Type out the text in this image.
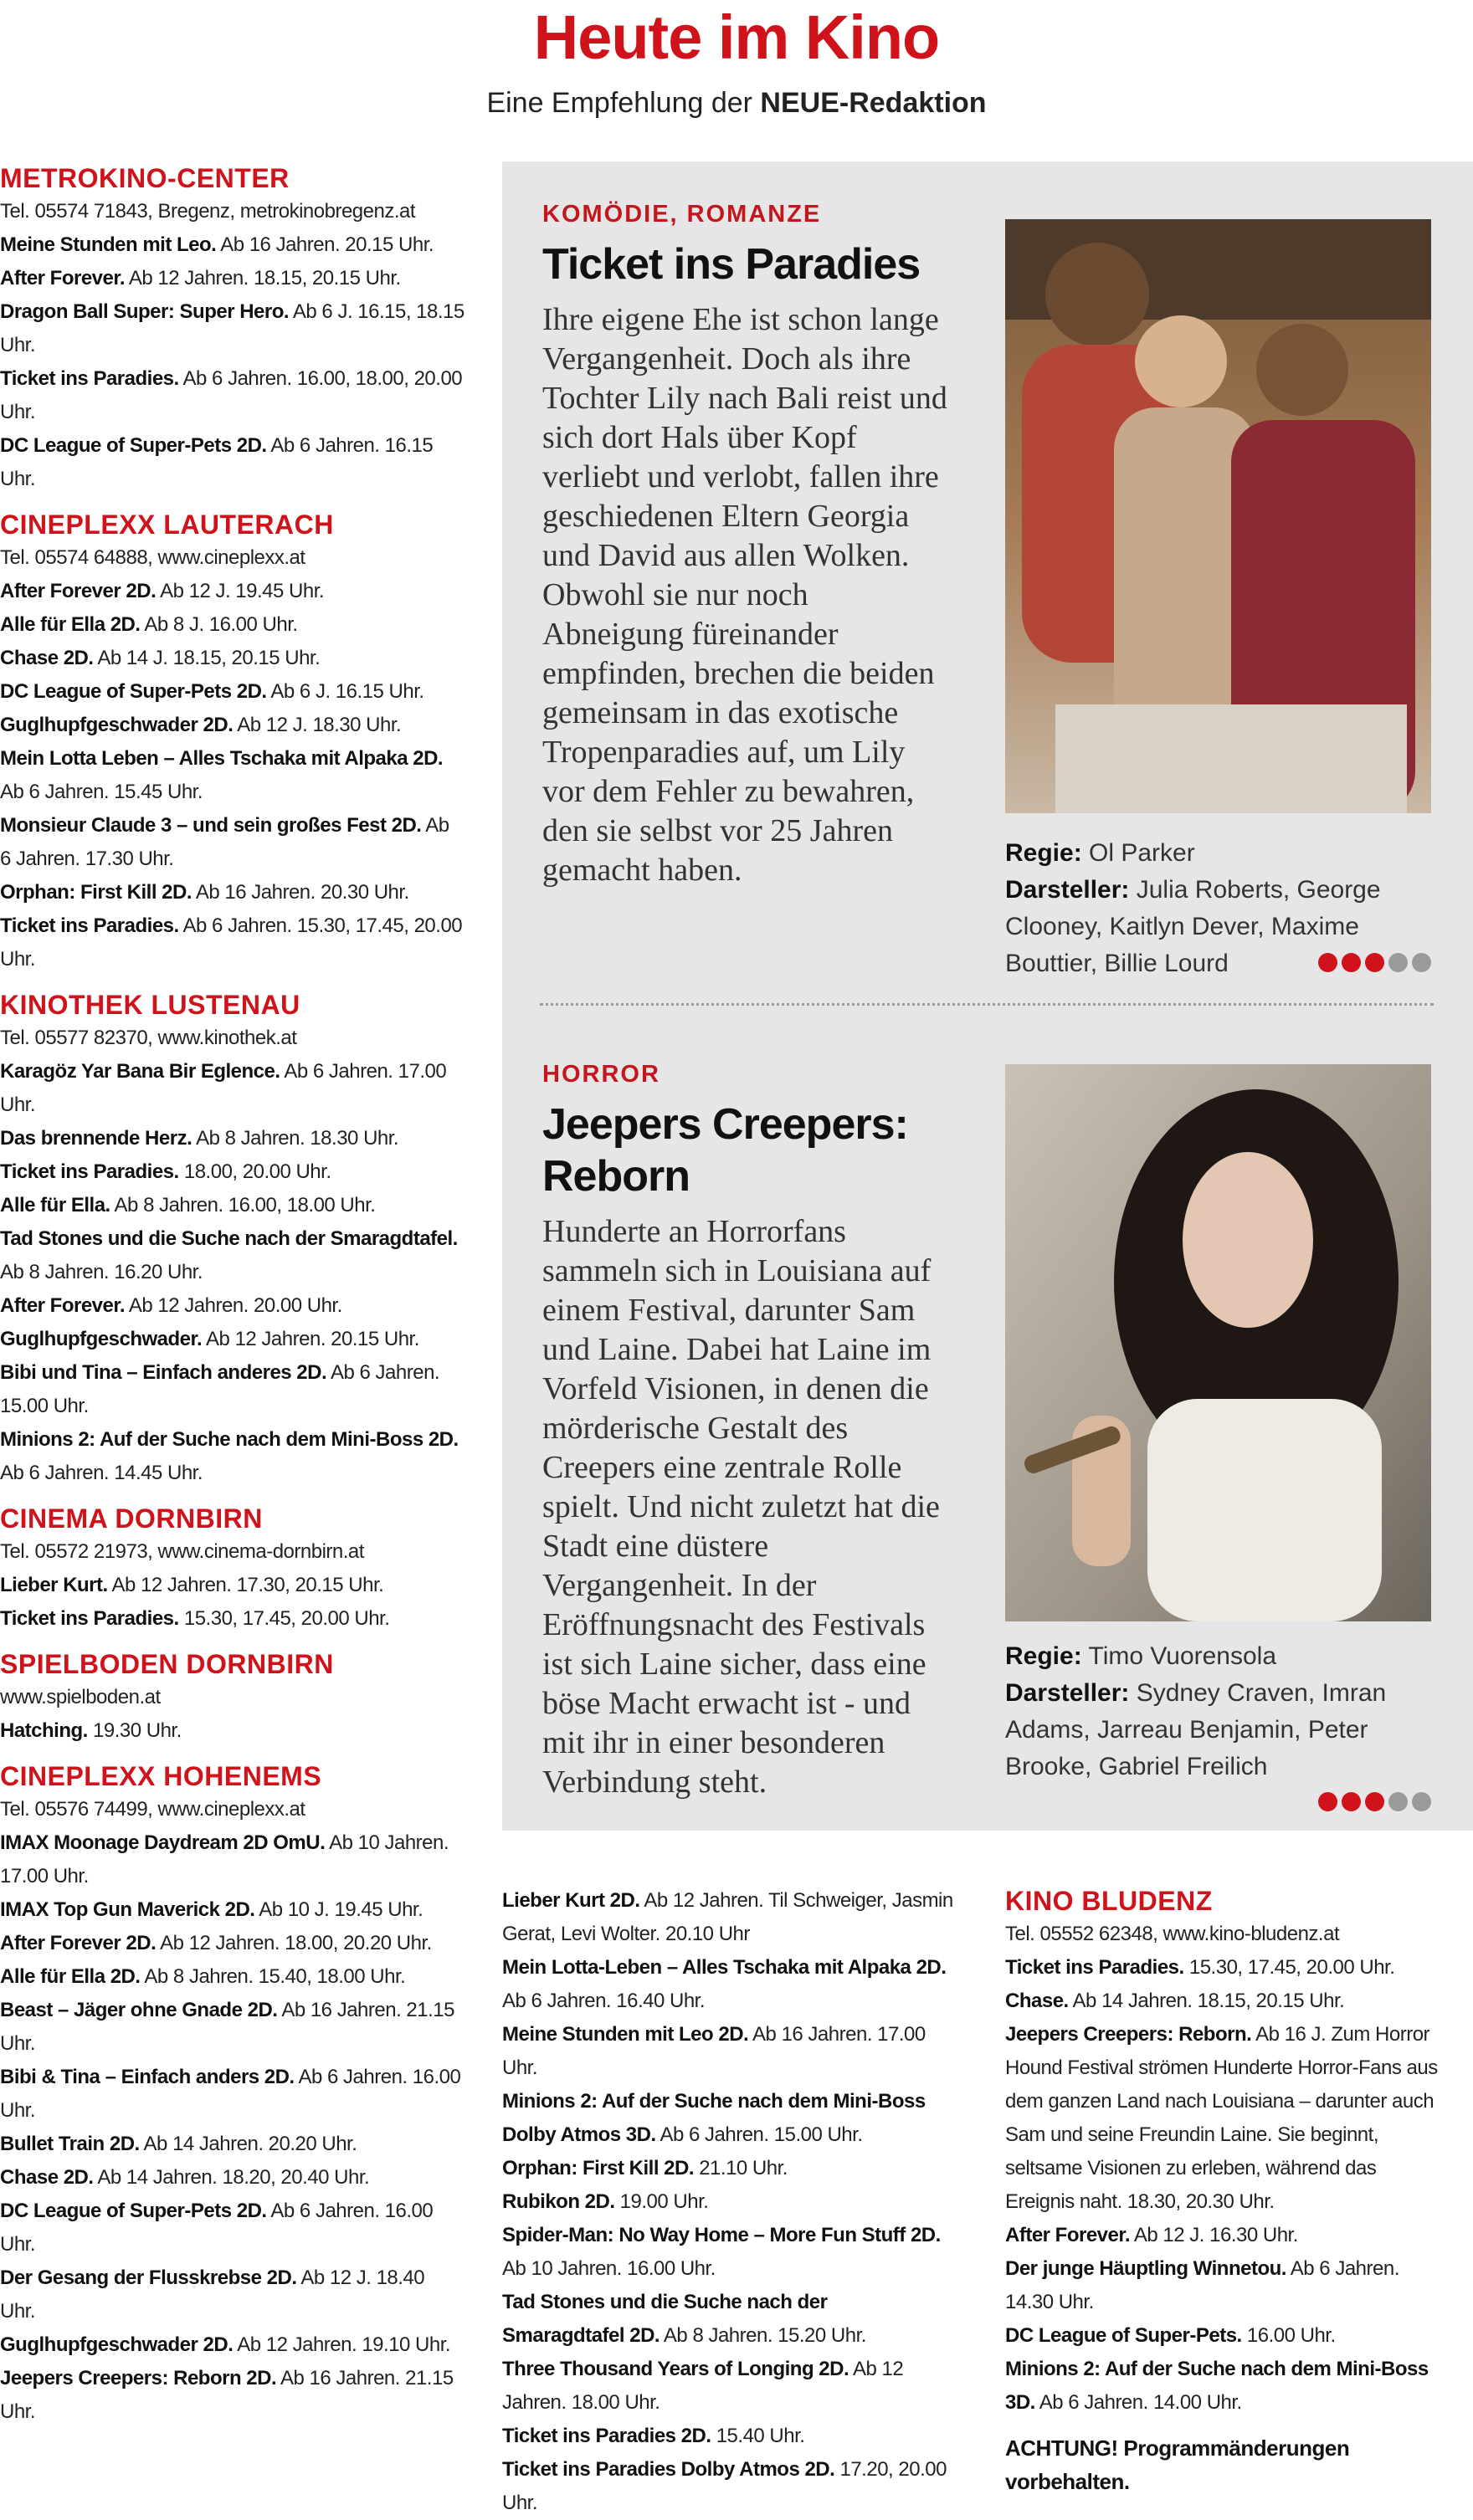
Heute im Kino
Eine Empfehlung der NEUE-Redaktion
METROKINO-CENTER

Tel. 05574 71843, Bregenz, metrokinobregenz.at

Meine Stunden mit Leo. Ab 16 Jahren. 20.15 Uhr.

After Forever. Ab 12 Jahren. 18.15, 20.15 Uhr.

Dragon Ball Super: Super Hero. Ab 6 J. 16.15, 18.15 Uhr.

Ticket ins Paradies. Ab 6 Jahren. 16.00, 18.00, 20.00 Uhr.

DC League of Super-Pets 2D. Ab 6 Jahren. 16.15 Uhr.

CINEPLEXX LAUTERACH

Tel. 05574 64888, www.cineplexx.at

After Forever 2D. Ab 12 J. 19.45 Uhr.

Alle für Ella 2D. Ab 8 J. 16.00 Uhr.

Chase 2D. Ab 14 J. 18.15, 20.15 Uhr.

DC League of Super-Pets 2D. Ab 6 J. 16.15 Uhr.

Guglhupfgeschwader 2D. Ab 12 J. 18.30 Uhr.

Mein Lotta Leben – Alles Tschaka mit Alpaka 2D. Ab 6 Jahren. 15.45 Uhr.

Monsieur Claude 3 – und sein großes Fest 2D. Ab 6 Jahren. 17.30 Uhr.

Orphan: First Kill 2D. Ab 16 Jahren. 20.30 Uhr.

Ticket ins Paradies. Ab 6 Jahren. 15.30, 17.45, 20.00 Uhr.

KINOTHEK LUSTENAU

Tel. 05577 82370, www.kinothek.at

Karagöz Yar Bana Bir Eglence. Ab 6 Jahren. 17.00 Uhr.

Das brennende Herz. Ab 8 Jahren. 18.30 Uhr.

Ticket ins Paradies. 18.00, 20.00 Uhr.

Alle für Ella. Ab 8 Jahren. 16.00, 18.00 Uhr.

Tad Stones und die Suche nach der Smaragdtafel. Ab 8 Jahren. 16.20 Uhr.

After Forever. Ab 12 Jahren. 20.00 Uhr.

Guglhupfgeschwader. Ab 12 Jahren. 20.15 Uhr.

Bibi und Tina – Einfach anderes 2D. Ab 6 Jahren. 15.00 Uhr.

Minions 2: Auf der Suche nach dem Mini-Boss 2D. Ab 6 Jahren. 14.45 Uhr.

CINEMA DORNBIRN

Tel. 05572 21973, www.cinema-dornbirn.at

Lieber Kurt. Ab 12 Jahren. 17.30, 20.15 Uhr.

Ticket ins Paradies. 15.30, 17.45, 20.00 Uhr.

SPIELBODEN DORNBIRN

www.spielboden.at

Hatching. 19.30 Uhr.

CINEPLEXX HOHENEMS

Tel. 05576 74499, www.cineplexx.at

IMAX Moonage Daydream 2D OmU. Ab 10 Jahren. 17.00 Uhr.

IMAX Top Gun Maverick 2D. Ab 10 J. 19.45 Uhr.

After Forever 2D. Ab 12 Jahren. 18.00, 20.20 Uhr.

Alle für Ella 2D. Ab 8 Jahren. 15.40, 18.00 Uhr.

Beast – Jäger ohne Gnade 2D. Ab 16 Jahren. 21.15 Uhr.

Bibi & Tina – Einfach anders 2D. Ab 6 Jahren. 16.00 Uhr.

Bullet Train 2D. Ab 14 Jahren. 20.20 Uhr.

Chase 2D. Ab 14 Jahren. 18.20, 20.40 Uhr.

DC League of Super-Pets 2D. Ab 6 Jahren. 16.00 Uhr.

Der Gesang der Flusskrebse 2D. Ab 12 J. 18.40 Uhr.

Guglhupfgeschwader 2D. Ab 12 Jahren. 19.10 Uhr.

Jeepers Creepers: Reborn 2D. Ab 16 Jahren. 21.15 Uhr.

KOMÖDIE, ROMANZE
Ticket ins Paradies
Ihre eigene Ehe ist schon lange Vergangenheit. Doch als ihre Tochter Lily nach Bali reist und sich dort Hals über Kopf verliebt und verlobt, fallen ihre geschiedenen Eltern Georgia und David aus allen Wolken. Obwohl sie nur noch Abneigung füreinander empfinden, brechen die beiden gemeinsam in das exotische Tropenparadies auf, um Lily vor dem Fehler zu bewahren, den sie selbst vor 25 Jahren gemacht haben.	Regie: Ol Parker
Darsteller: Julia Roberts, George Clooney, Kaitlyn Dever, Maxime Bouttier, Billie Lourd
HORROR
Jeepers Creepers: Reborn
Hunderte an Horrorfans sammeln sich in Louisiana auf einem Festival, darunter Sam und Laine. Dabei hat Laine im Vorfeld Visionen, in denen die mörderische Gestalt des Creepers eine zentrale Rolle spielt. Und nicht zuletzt hat die Stadt eine düstere Vergangenheit. In der Eröffnungsnacht des Festivals ist sich Laine sicher, dass eine böse Macht erwacht ist - und mit ihr in einer besonderen Verbindung steht.
Regie: Timo Vuorensola
Darsteller: Sydney Craven, Imran Adams, Jarreau Benjamin, Peter Brooke, Gabriel Freilich

Lieber Kurt 2D. Ab 12 Jahren. Til Schweiger, Jasmin Gerat, Levi Wolter. 20.10 Uhr

Mein Lotta-Leben – Alles Tschaka mit Alpaka 2D. Ab 6 Jahren. 16.40 Uhr.

Meine Stunden mit Leo 2D. Ab 16 Jahren. 17.00 Uhr.

Minions 2: Auf der Suche nach dem Mini-Boss Dolby Atmos 3D. Ab 6 Jahren. 15.00 Uhr.

Orphan: First Kill 2D. 21.10 Uhr.

Rubikon 2D. 19.00 Uhr.

Spider-Man: No Way Home – More Fun Stuff 2D. Ab 10 Jahren. 16.00 Uhr.

Tad Stones und die Suche nach der Smaragdtafel 2D. Ab 8 Jahren. 15.20 Uhr.

Three Thousand Years of Longing 2D. Ab 12 Jahren. 18.00 Uhr.

Ticket ins Paradies 2D. 15.40 Uhr.

Ticket ins Paradies Dolby Atmos 2D. 17.20, 20.00 Uhr.

KINO BLUDENZ

Tel. 05552 62348, www.kino-bludenz.at

Ticket ins Paradies. 15.30, 17.45, 20.00 Uhr.

Chase. Ab 14 Jahren. 18.15, 20.15 Uhr.

Jeepers Creepers: Reborn. Ab 16 J. Zum Horror Hound Festival strömen Hunderte Horror-Fans aus dem ganzen Land nach Louisiana – darunter auch Sam und seine Freundin Laine. Sie beginnt, seltsame Visionen zu erleben, während das Ereignis naht. 18.30, 20.30 Uhr.

After Forever. Ab 12 J. 16.30 Uhr.

Der junge Häuptling Winnetou. Ab 6 Jahren. 14.30 Uhr.

DC League of Super-Pets. 16.00 Uhr.

Minions 2: Auf der Suche nach dem Mini-Boss 3D. Ab 6 Jahren. 14.00 Uhr.

ACHTUNG! Programmänderungen vorbehalten.
